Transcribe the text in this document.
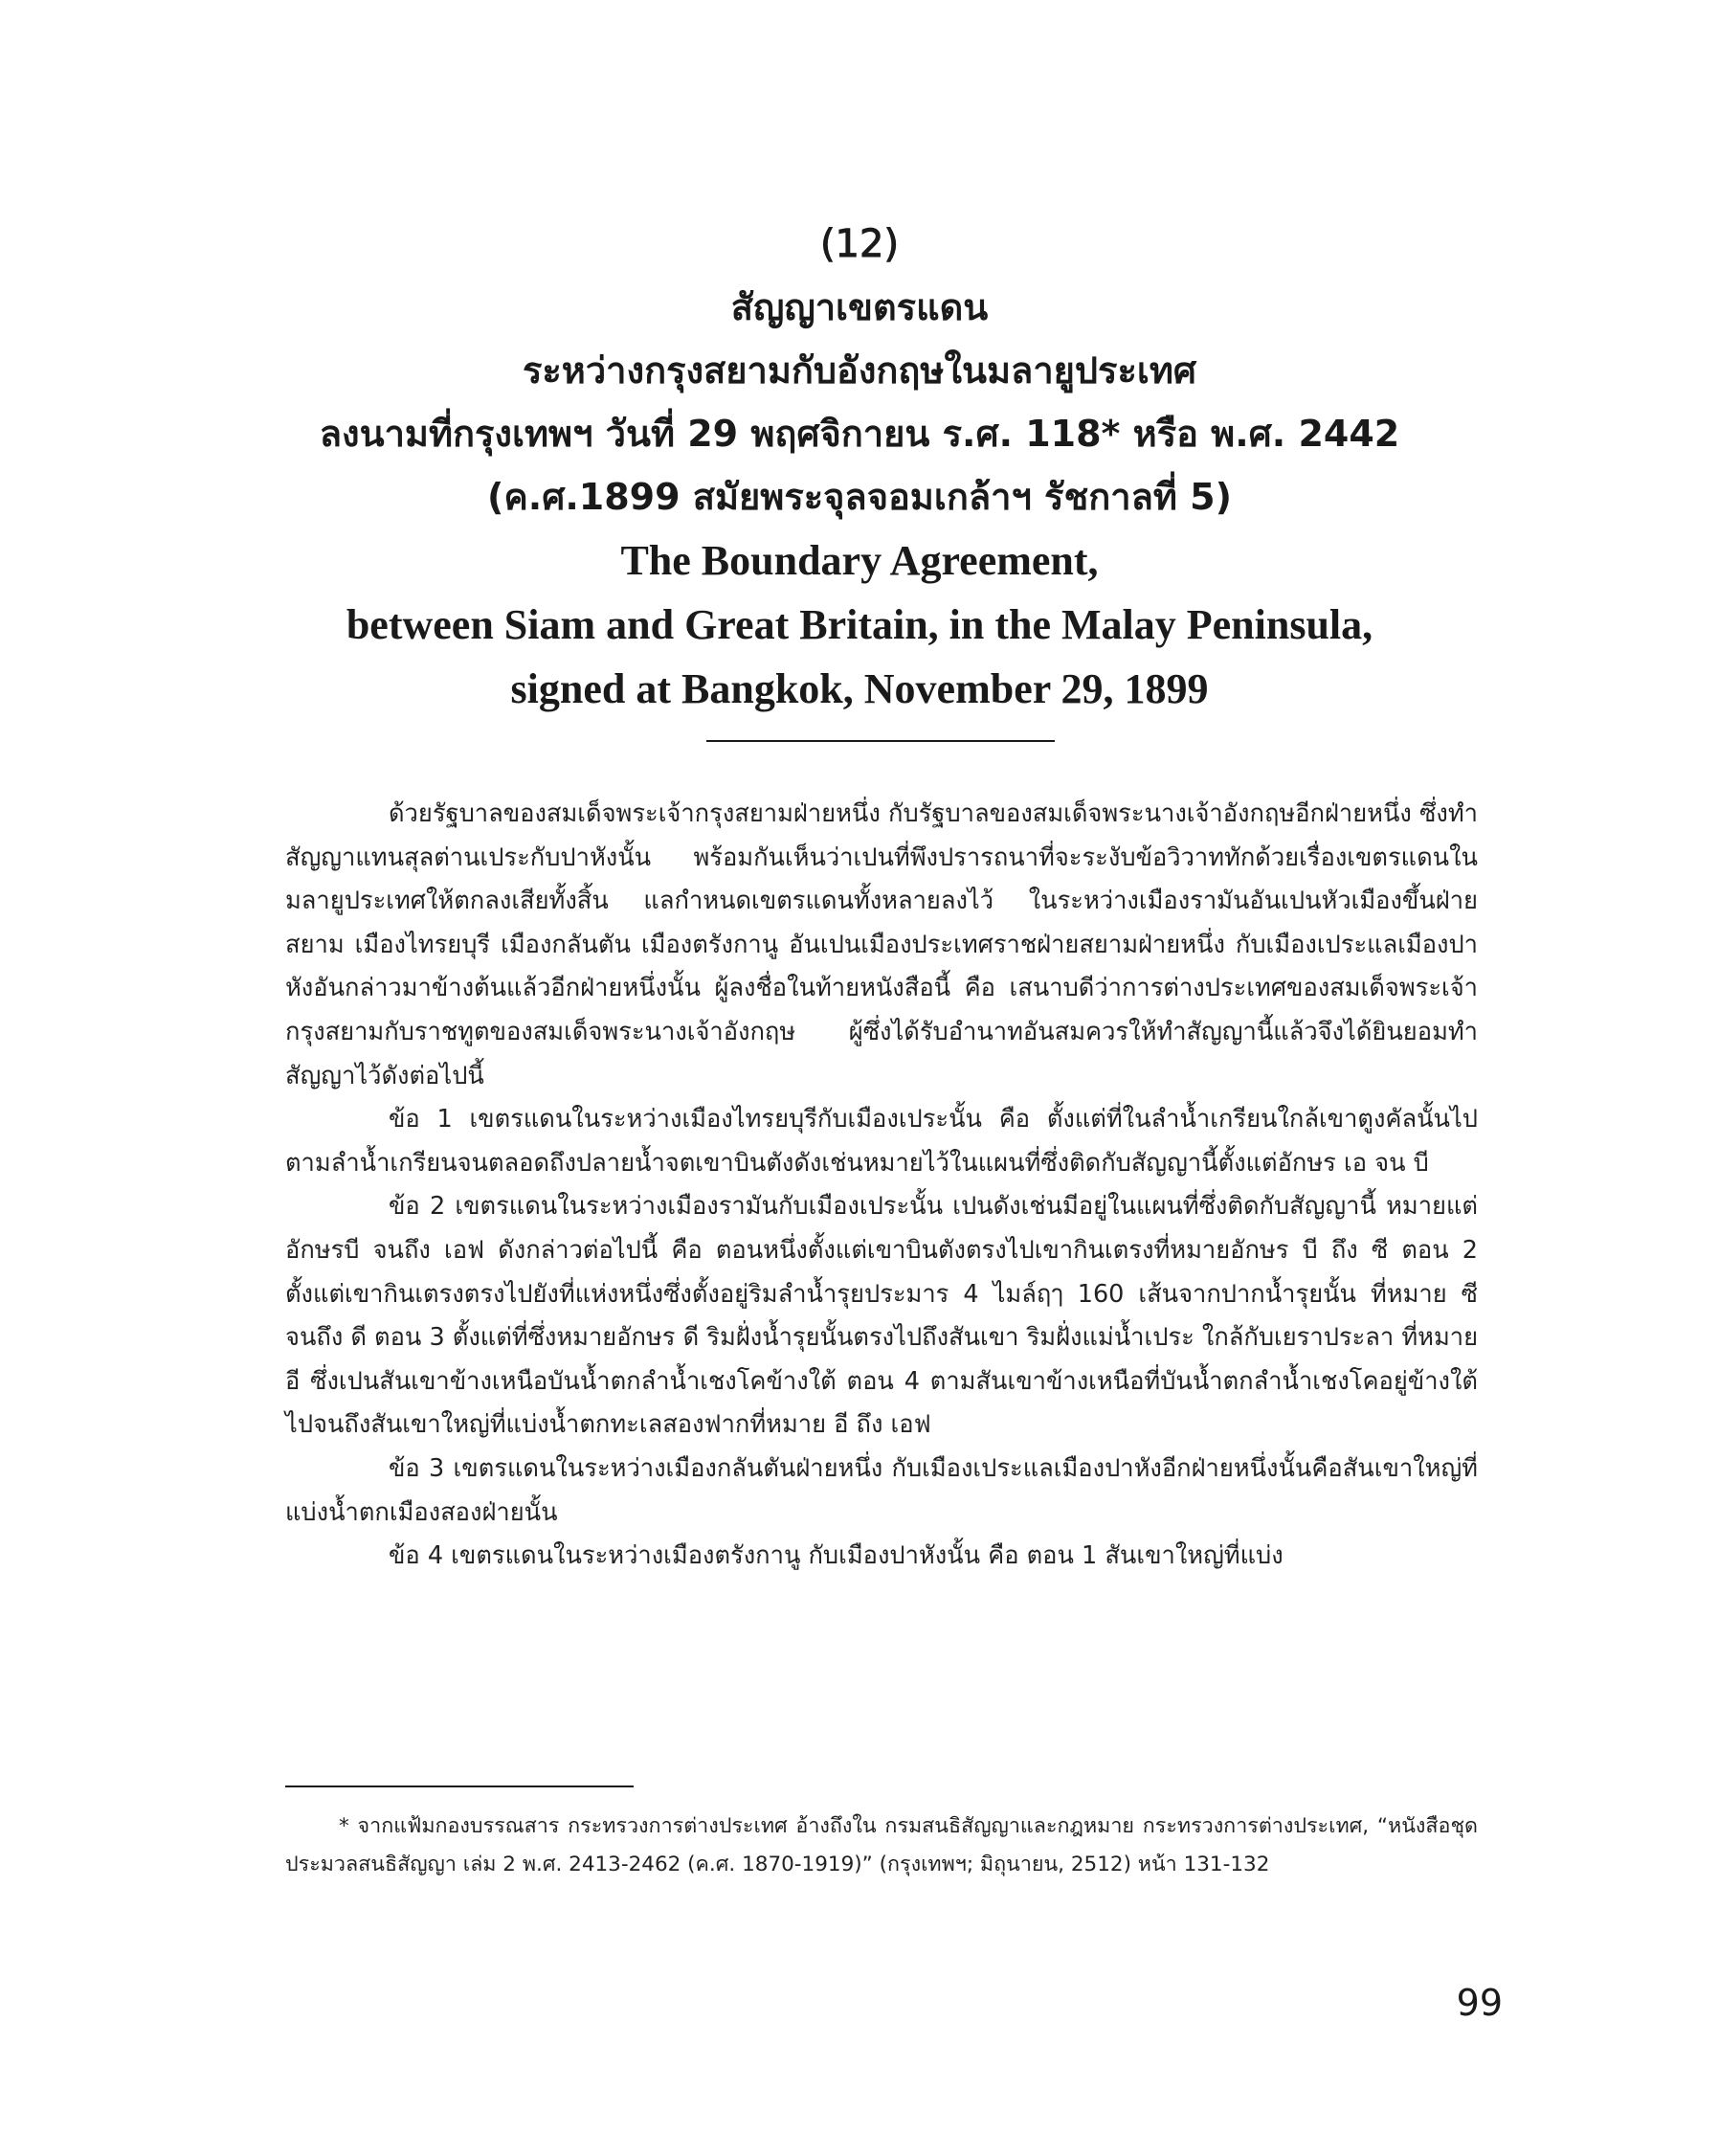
(12)

สัญญาเขตรแดน

ระหว่างกรุงสยามกับอังกฤษในมลายูประเทศ

ลงนามที่กรุงเทพฯ วันที่ 29 พฤศจิกายน ร.ศ. 118* หรือ พ.ศ. 2442

(ค.ศ.1899 สมัยพระจุลจอมเกล้าฯ รัชกาลที่ 5)

The Boundary Agreement,

between Siam and Great Britain, in the Malay Peninsula,

signed at Bangkok, November 29, 1899

ด้วยรัฐบาลของสมเด็จพระเจ้ากรุงสยามฝ่ายหนึ่ง กับรัฐบาลของสมเด็จพระนางเจ้าอังกฤษอีกฝ่ายหนึ่ง ซึ่งทำสัญญาแทนสุลต่านเประกับปาหังนั้น พร้อมกันเห็นว่าเปนที่พึงปรารถนาที่จะระงับข้อวิวาททักด้วยเรื่องเขตรแดนในมลายูประเทศให้ตกลงเสียทั้งสิ้น แลกำหนดเขตรแดนทั้งหลายลงไว้ ในระหว่างเมืองรามันอันเปนหัวเมืองขึ้นฝ่ายสยาม เมืองไทรยบุรี เมืองกลันตัน เมืองตรังกานู อันเปนเมืองประเทศราชฝ่ายสยามฝ่ายหนึ่ง กับเมืองเประแลเมืองปาหังอันกล่าวมาข้างต้นแล้วอีกฝ่ายหนึ่งนั้น ผู้ลงชื่อในท้ายหนังสือนี้ คือ เสนาบดีว่าการต่างประเทศของสมเด็จพระเจ้ากรุงสยามกับราชทูตของสมเด็จพระนางเจ้าอังกฤษ ผู้ซึ่งได้รับอำนาทอันสมควรให้ทำสัญญานี้แล้วจึงได้ยินยอมทำสัญญาไว้ดังต่อไปนี้

ข้อ 1 เขตรแดนในระหว่างเมืองไทรยบุรีกับเมืองเประนั้น คือ ตั้งแต่ที่ในลำน้ำเกรียนใกล้เขาตูงคัลนั้นไปตามลำน้ำเกรียนจนตลอดถึงปลายน้ำจตเขาบินตังดังเช่นหมายไว้ในแผนที่ซึ่งติดกับสัญญานี้ตั้งแต่อักษร เอ จน บี

ข้อ 2 เขตรแดนในระหว่างเมืองรามันกับเมืองเประนั้น เปนดังเช่นมีอยู่ในแผนที่ซึ่งติดกับสัญญานี้ หมายแต่อักษรบี จนถึง เอฟ ดังกล่าวต่อไปนี้ คือ ตอนหนึ่งตั้งแต่เขาบินตังตรงไปเขากินเตรงที่หมายอักษร บี ถึง ซี ตอน 2 ตั้งแต่เขากินเตรงตรงไปยังที่แห่งหนึ่งซึ่งตั้งอยู่ริมลำน้ำรุยประมาร 4 ไมล์ฤๅ 160 เส้นจากปากน้ำรุยนั้น ที่หมาย ซี จนถึง ดี ตอน 3 ตั้งแต่ที่ซึ่งหมายอักษร ดี ริมฝั่งน้ำรุยนั้นตรงไปถึงสันเขา ริมฝั่งแม่น้ำเประ ใกล้กับเยราประลา ที่หมาย อี ซึ่งเปนสันเขาข้างเหนือบันน้ำตกลำน้ำเชงโคข้างใต้ ตอน 4 ตามสันเขาข้างเหนือที่บันน้ำตกลำน้ำเชงโคอยู่ข้างใต้ ไปจนถึงสันเขาใหญ่ที่แบ่งน้ำตกทะเลสองฟากที่หมาย อี ถึง เอฟ

ข้อ 3 เขตรแดนในระหว่างเมืองกลันตันฝ่ายหนึ่ง กับเมืองเประแลเมืองปาหังอีกฝ่ายหนึ่งนั้นคือสันเขาใหญ่ที่แบ่งน้ำตกเมืองสองฝ่ายนั้น

ข้อ 4 เขตรแดนในระหว่างเมืองตรังกานู กับเมืองปาหังนั้น คือ ตอน 1 สันเขาใหญ่ที่แบ่ง

* จากแฟ้มกองบรรณสาร กระทรวงการต่างประเทศ อ้างถึงใน กรมสนธิสัญญาและกฎหมาย กระทรวงการต่างประเทศ, “หนังสือชุดประมวลสนธิสัญญา เล่ม 2 พ.ศ. 2413-2462 (ค.ศ. 1870-1919)” (กรุงเทพฯ; มิถุนายน, 2512) หน้า 131-132
99
